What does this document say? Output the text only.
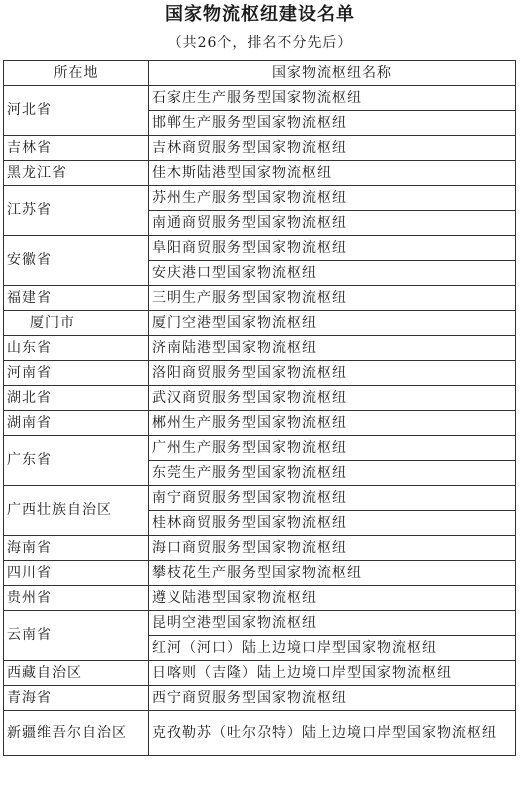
国家物流枢纽建设名单
（共26个，排名不分先后）
所在地	国家物流枢纽名称
河北省	石家庄生产服务型国家物流枢纽
	邯郸生产服务型国家物流枢纽
吉林省	吉林商贸服务型国家物流枢纽
黑龙江省	佳木斯陆港型国家物流枢纽
江苏省	苏州生产服务型国家物流枢纽
	南通商贸服务型国家物流枢纽
安徽省	阜阳商贸服务型国家物流枢纽
	安庆港口型国家物流枢纽
福建省	三明生产服务型国家物流枢纽
厦门市	厦门空港型国家物流枢纽
山东省	济南陆港型国家物流枢纽
河南省	洛阳商贸服务型国家物流枢纽
湖北省	武汉商贸服务型国家物流枢纽
湖南省	郴州生产服务型国家物流枢纽
广东省	广州生产服务型国家物流枢纽
	东莞生产服务型国家物流枢纽
广西壮族自治区	南宁商贸服务型国家物流枢纽
	桂林商贸服务型国家物流枢纽
海南省	海口商贸服务型国家物流枢纽
四川省	攀枝花生产服务型国家物流枢纽
贵州省	遵义陆港型国家物流枢纽
云南省	昆明空港型国家物流枢纽
	红河（河口）陆上边境口岸型国家物流枢纽
西藏自治区	日喀则（吉隆）陆上边境口岸型国家物流枢纽
青海省	西宁商贸服务型国家物流枢纽
新疆维吾尔自治区	克孜勒苏（吐尔尕特）陆上边境口岸型国家物流枢纽
